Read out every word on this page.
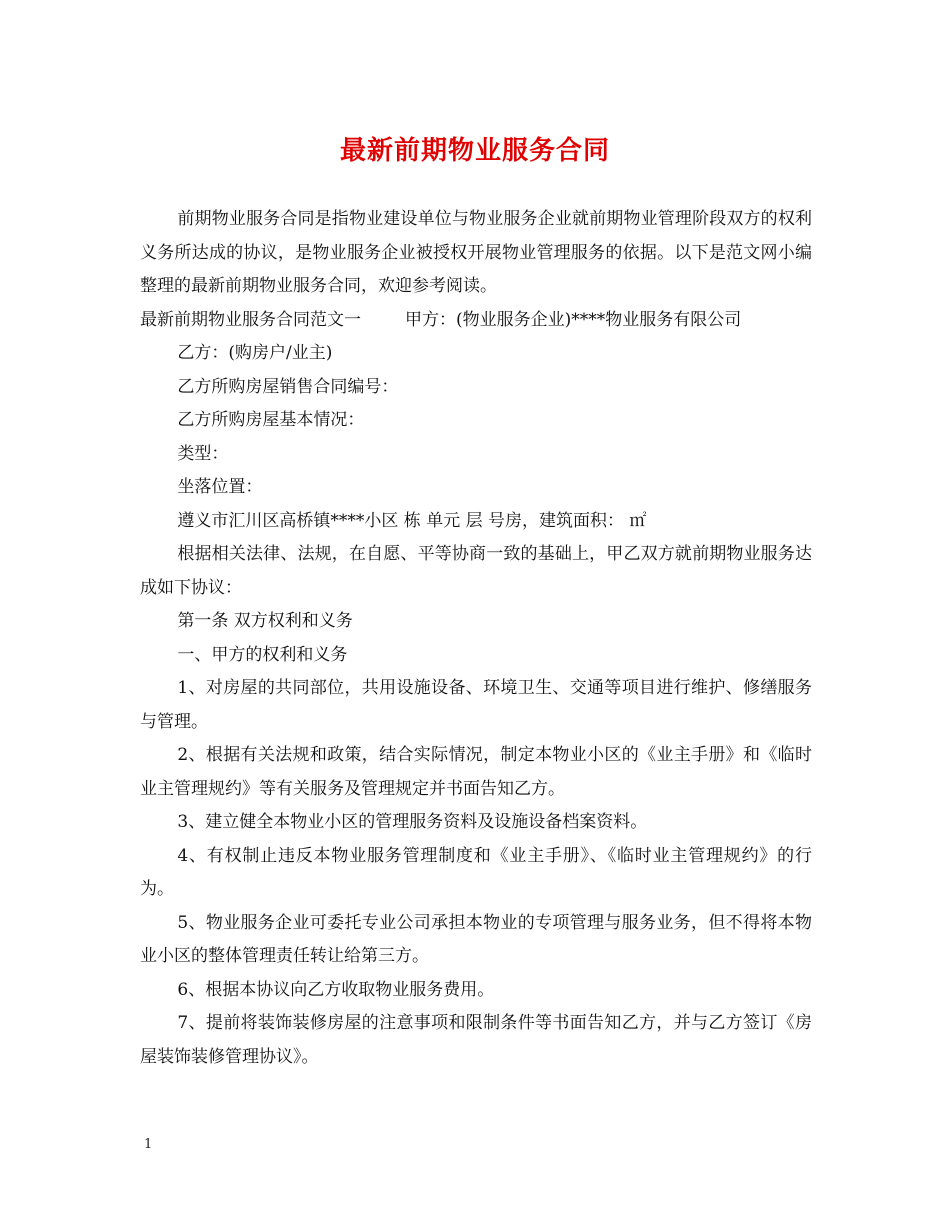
最新前期物业服务合同

前期物业服务合同是指物业建设单位与物业服务企业就前期物业管理阶段双方的权利义务所达成的协议，是物业服务企业被授权开展物业管理服务的依据。以下是范文网小编整理的最新前期物业服务合同，欢迎参考阅读。

最新前期物业服务合同范文一	甲方：(物业服务企业)****物业服务有限公司

乙方：(购房户/业主)

乙方所购房屋销售合同编号：

乙方所购房屋基本情况：

类型：

坐落位置：

遵义市汇川区高桥镇****小区 栋 单元 层 号房，建筑面积： ㎡

根据相关法律、法规，在自愿、平等协商一致的基础上，甲乙双方就前期物业服务达成如下协议：

第一条 双方权利和义务

一、甲方的权利和义务

1、对房屋的共同部位，共用设施设备、环境卫生、交通等项目进行维护、修缮服务与管理。

2、根据有关法规和政策，结合实际情况，制定本物业小区的《业主手册》和《临时业主管理规约》等有关服务及管理规定并书面告知乙方。

3、建立健全本物业小区的管理服务资料及设施设备档案资料。

4、有权制止违反本物业服务管理制度和《业主手册》、《临时业主管理规约》的行为。

5、物业服务企业可委托专业公司承担本物业的专项管理与服务业务，但不得将本物业小区的整体管理责任转让给第三方。

6、根据本协议向乙方收取物业服务费用。

7、提前将装饰装修房屋的注意事项和限制条件等书面告知乙方，并与乙方签订《房屋装饰装修管理协议》。

1
